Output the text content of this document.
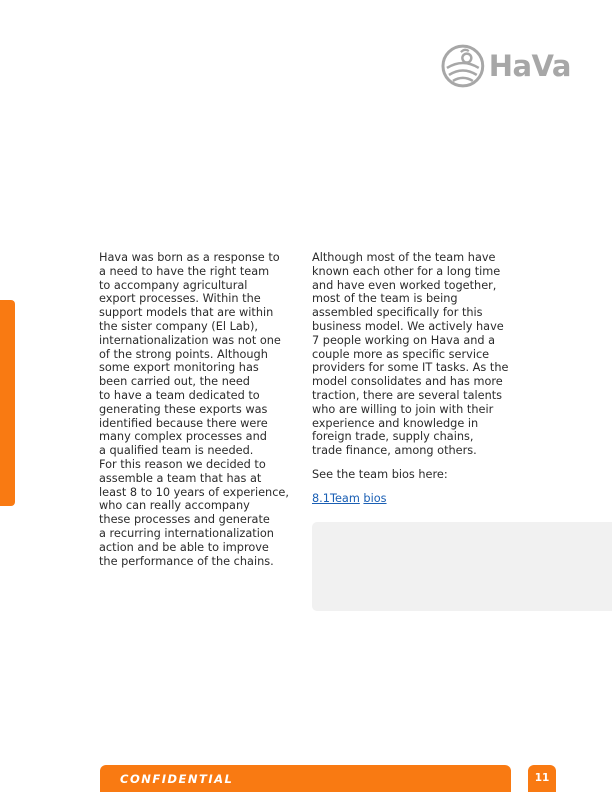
HaVa
Hava was born as a response to
a need to have the right team
to accompany agricultural
export processes. Within the
support models that are within
the sister company (El Lab),
internationalization was not one
of the strong points. Although
some export monitoring has
been carried out, the need
to have a team dedicated to
generating these exports was
identified because there were
many complex processes and
a qualified team is needed.
For this reason we decided to
assemble a team that has at
least 8 to 10 years of experience,
who can really accompany
these processes and generate
a recurring internationalization
action and be able to improve
the performance of the chains.
Although most of the team have
known each other for a long time
and have even worked together,
most of the team is being
assembled specifically for this
business model. We actively have
7 people working on Hava and a
couple more as specific service
providers for some IT tasks. As the
model consolidates and has more
traction, there are several talents
who are willing to join with their
experience and knowledge in
foreign trade, supply chains,
trade finance, among others.
See the team bios here:
8.1Team bios
CONFIDENTIAL	11
